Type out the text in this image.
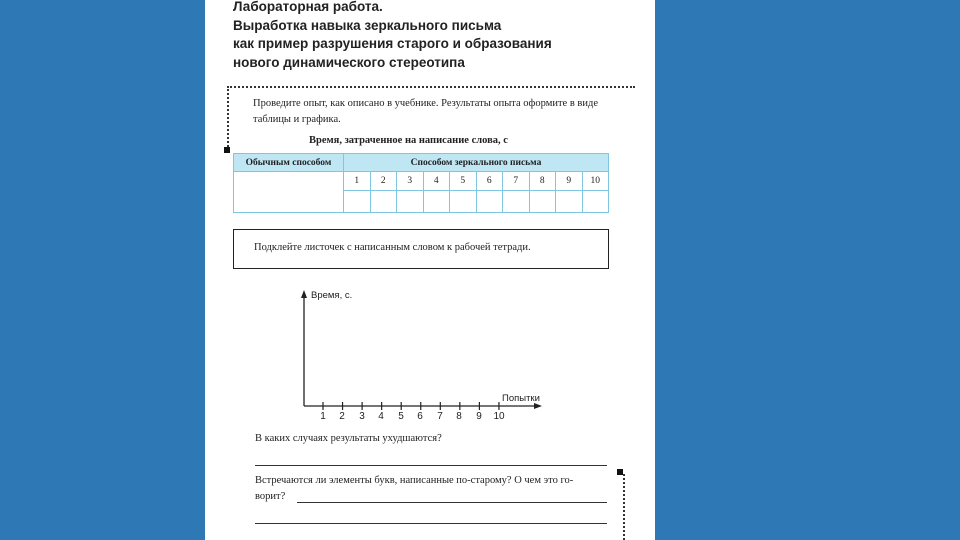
Лабораторная работа.
Выработка навыка зеркального письма
как пример разрушения старого и образования
нового динамического стереотипа
Проведите опыт, как описано в учебнике. Результаты опыта оформите в виде таблицы и графика.
Время, затраченное на написание слова, с
Обычным способом	Способом зеркального письма									
	1	2	3	4	5	6	7	8	9	10

Подклейте листочек с написанным словом к рабочей тетради.
Время, с.
Попытки
1	2	3	4	5	6	7	8	9	10
В каких случаях результаты ухудшаются?
Встречаются ли элементы букв, написанные по-старому? О чем это го-
ворит?
